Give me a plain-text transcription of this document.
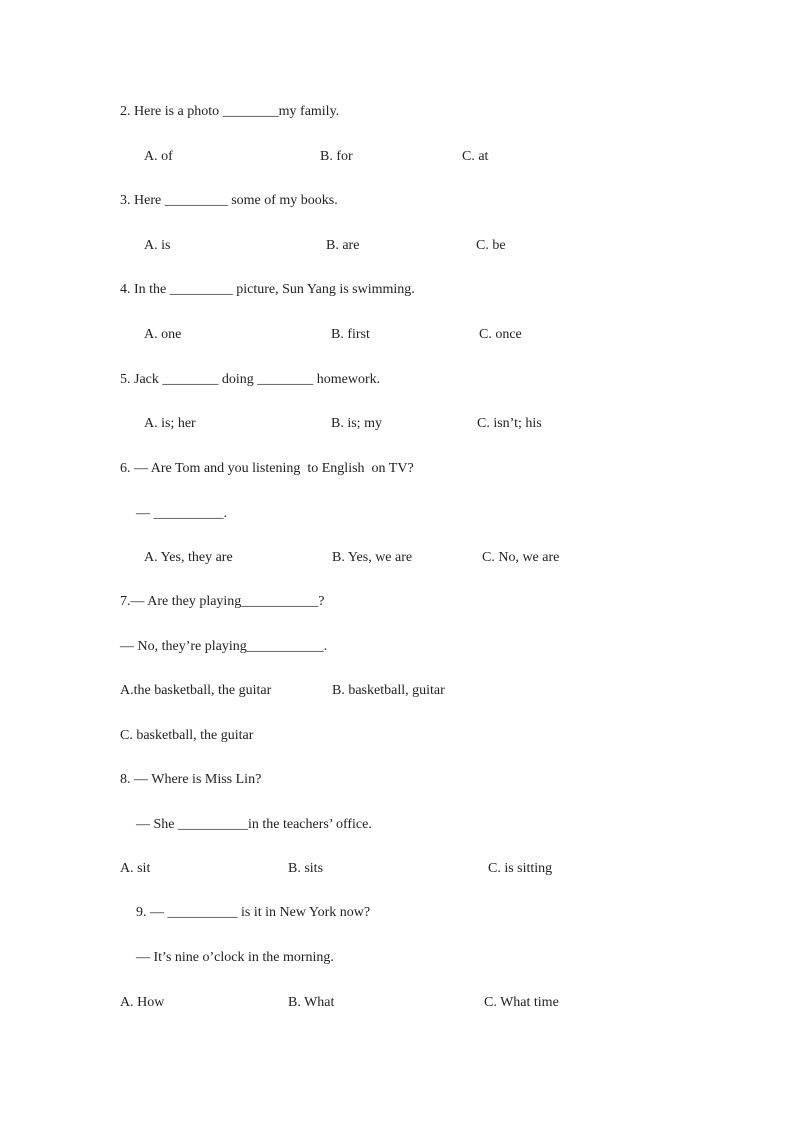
2. Here is a photo ________my family.
A. of	B. for	C. at
3. Here _________ some of my books.
A. is	B. are	C. be
4. In the _________ picture, Sun Yang is swimming.
A. one	B. first	C. once
5. Jack ________ doing ________ homework.
A. is; her	B. is; my	C. isn’t; his
6. — Are Tom and you listening  to English  on TV?
— __________.
A. Yes, they are	B. Yes, we are	C. No, we are
7.— Are they playing___________?
— No, they’re playing___________.
A.the basketball, the guitar	B. basketball, guitar
C. basketball, the guitar
8. — Where is Miss Lin?
— She __________in the teachers’ office.
A. sit	B. sits	C. is sitting
9. — __________ is it in New York now?
— It’s nine o’clock in the morning.
A. How	B. What	C. What time
